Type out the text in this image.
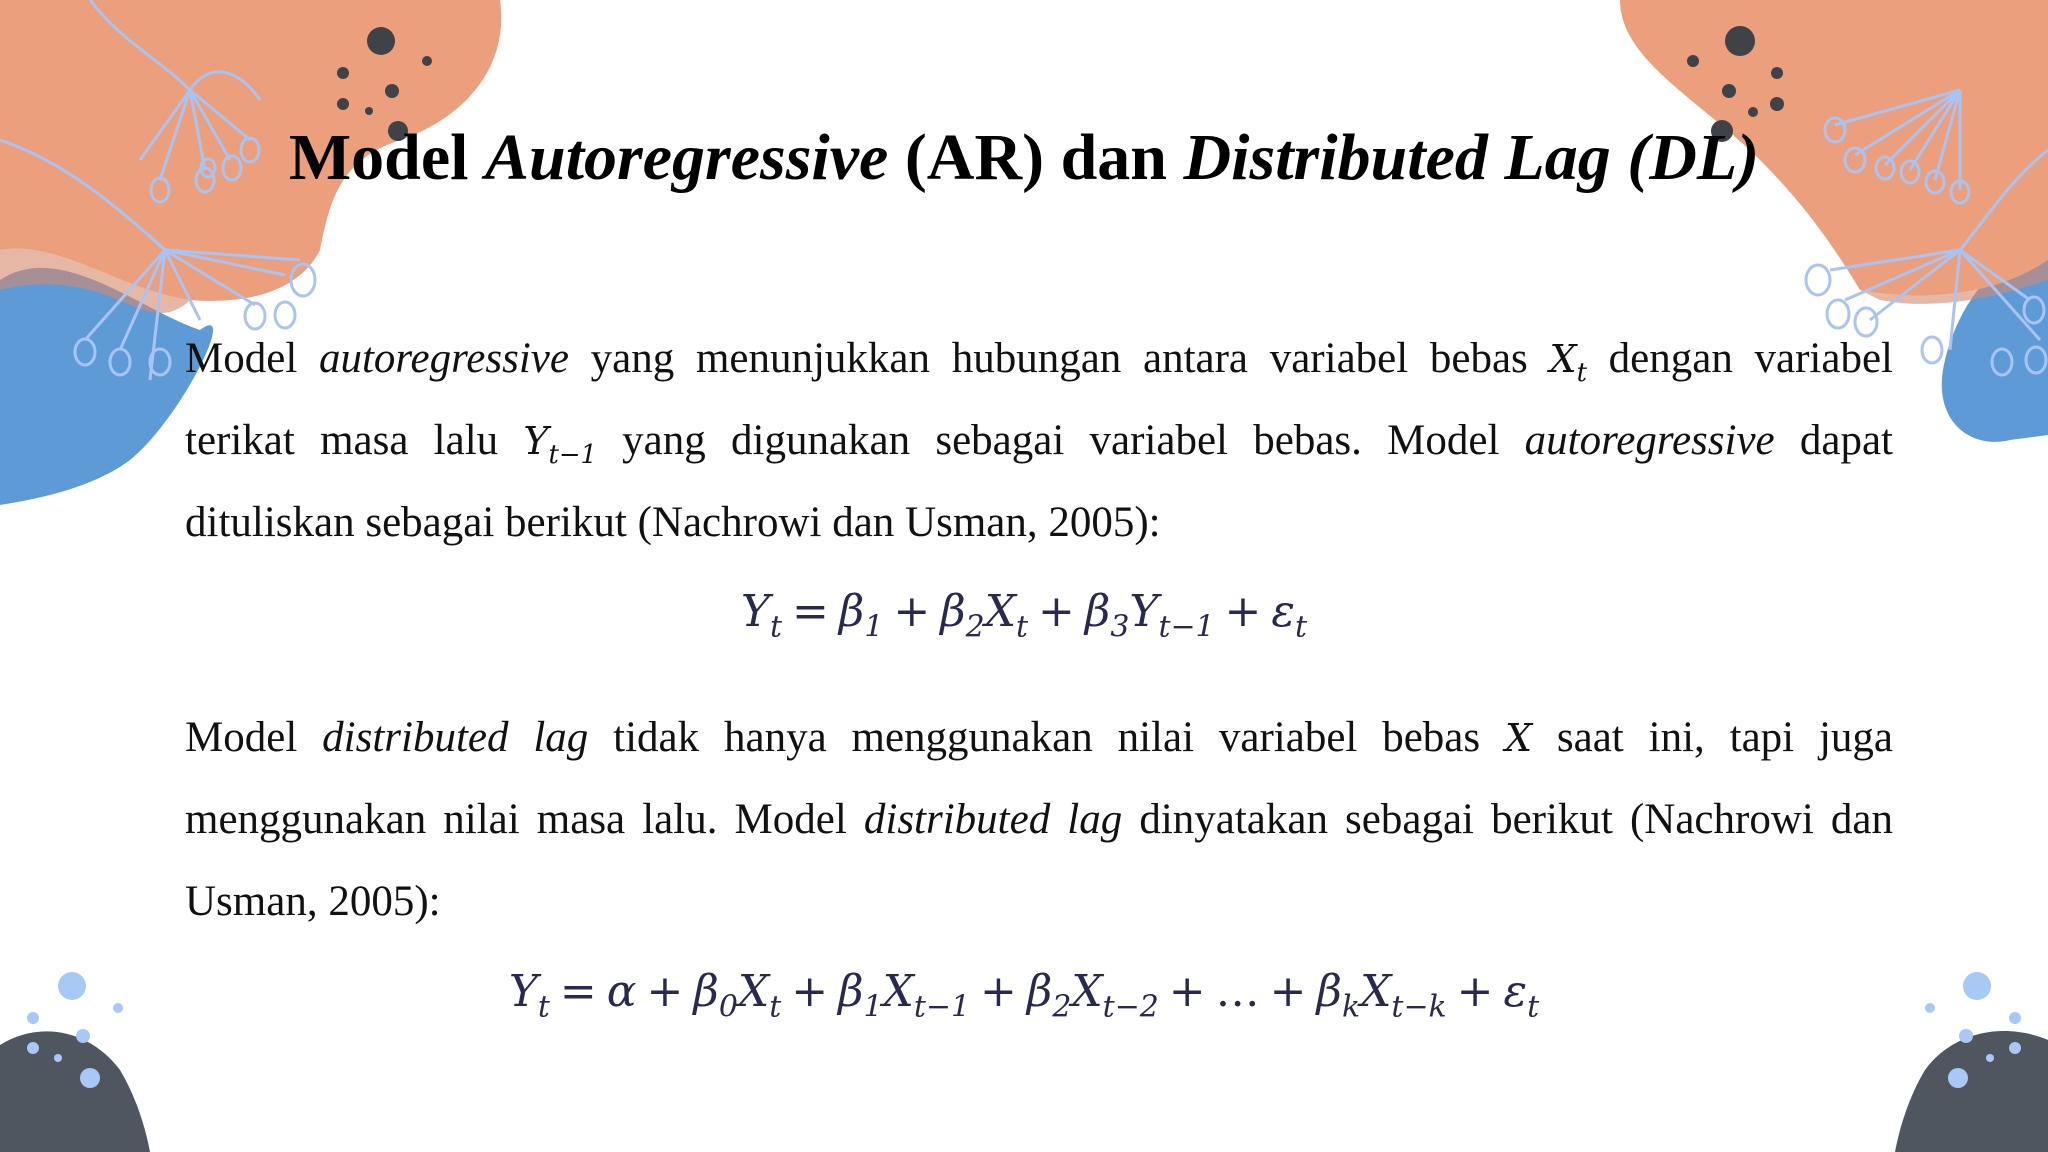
Model Autoregressive (AR) dan Distributed Lag (DL)
Model autoregressive yang menunjukkan hubungan antara variabel bebas $X_t$ dengan variabel terikat masa lalu $Y_{t-1}$ yang digunakan sebagai variabel bebas. Model autoregressive dapat dituliskan sebagai berikut (Nachrowi dan Usman, 2005):
$Y_t = \beta_1 + \beta_2X_t + \beta_3Y_{t-1} + \varepsilon_t$
Model distributed lag tidak hanya menggunakan nilai variabel bebas X saat ini, tapi juga menggunakan nilai masa lalu. Model distributed lag dinyatakan sebagai berikut (Nachrowi dan Usman, 2005):
$Y_t = \alpha + \beta_0X_t + \beta_1X_{t-1} + \beta_2X_{t-2}$ + … + $\beta_kX_{t-k} + \varepsilon_t$
